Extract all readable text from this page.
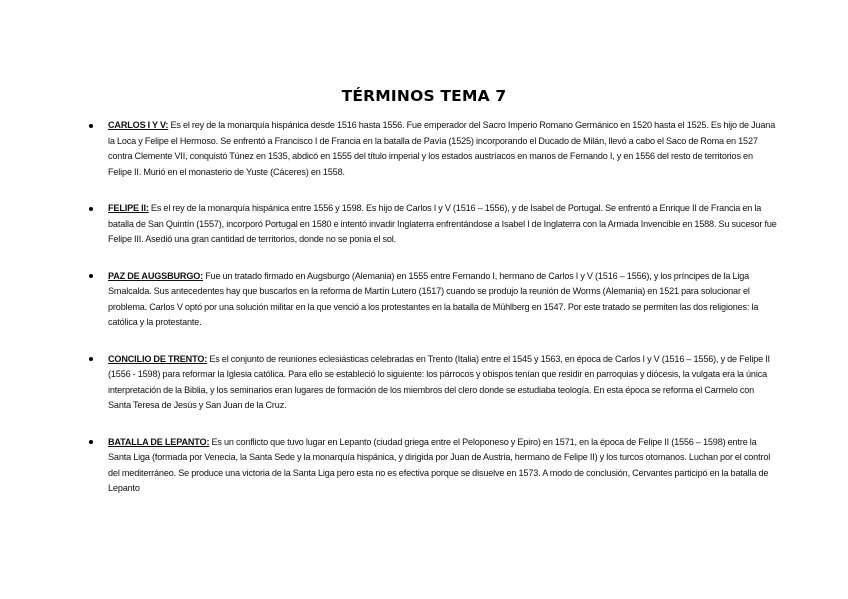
TÉRMINOS TEMA 7
CARLOS I Y V: Es el rey de la monarquía hispánica desde 1516 hasta 1556. Fue emperador del Sacro Imperio Romano Germánico en 1520 hasta el 1525. Es hijo de Juana la Loca y Felipe el Hermoso. Se enfrentó a Francisco I de Francia en la batalla de Pavía (1525) incorporando el Ducado de Milán, llevó a cabo el Saco de Roma en 1527 contra Clemente VII, conquistó Túnez en 1535, abdicó en 1555 del título imperial y los estados austríacos en manos de Fernando I, y en 1556 del resto de territorios en Felipe II. Murió en el monasterio de Yuste (Cáceres) en 1558.
FELIPE II: Es el rey de la monarquía hispánica entre 1556 y 1598. Es hijo de Carlos I y V (1516 – 1556), y de Isabel de Portugal. Se enfrentó a Enrique II de Francia en la batalla de San Quintín (1557), incorporó Portugal en 1580 e intentó invadir Inglaterra enfrentándose a Isabel I de Inglaterra con la Armada Invencible en 1588. Su sucesor fue Felipe III. Asedió una gran cantidad de territorios, donde no se ponía el sol.
PAZ DE AUGSBURGO: Fue un tratado firmado en Augsburgo (Alemania) en 1555 entre Fernando I, hermano de Carlos I y V (1516 – 1556), y los príncipes de la Liga Smalcalda. Sus antecedentes hay que buscarlos en la reforma de Martín Lutero (1517) cuando se produjo la reunión de Worms (Alemania) en 1521 para solucionar el problema. Carlos V optó por una solución militar en la que venció a los protestantes en la batalla de Mühlberg en 1547. Por este tratado se permiten las dos religiones: la católica y la protestante.
CONCILIO DE TRENTO: Es el conjunto de reuniones eclesiásticas celebradas en Trento (Italia) entre el 1545 y 1563, en época de Carlos I y V (1516 – 1556), y de Felipe II (1556 - 1598) para reformar la Iglesia católica. Para ello se estableció lo siguiente: los párrocos y obispos tenían que residir en parroquias y diócesis, la vulgata era la única interpretación de la Biblia, y los seminarios eran lugares de formación de los miembros del clero donde se estudiaba teología. En esta época se reforma el Carmelo con Santa Teresa de Jesús y San Juan de la Cruz.
BATALLA DE LEPANTO: Es un conflicto que tuvo lugar en Lepanto (ciudad griega entre el Peloponeso y Epiro) en 1571, en la época de Felipe II (1556 – 1598) entre la Santa Liga (formada por Venecia, la Santa Sede y la monarquía hispánica, y dirigida por Juan de Austria, hermano de Felipe II) y los turcos otomanos. Luchan por el control del mediterráneo. Se produce una victoria de la Santa Liga pero esta no es efectiva porque se disuelve en 1573. A modo de conclusión, Cervantes participó en la batalla de Lepanto
